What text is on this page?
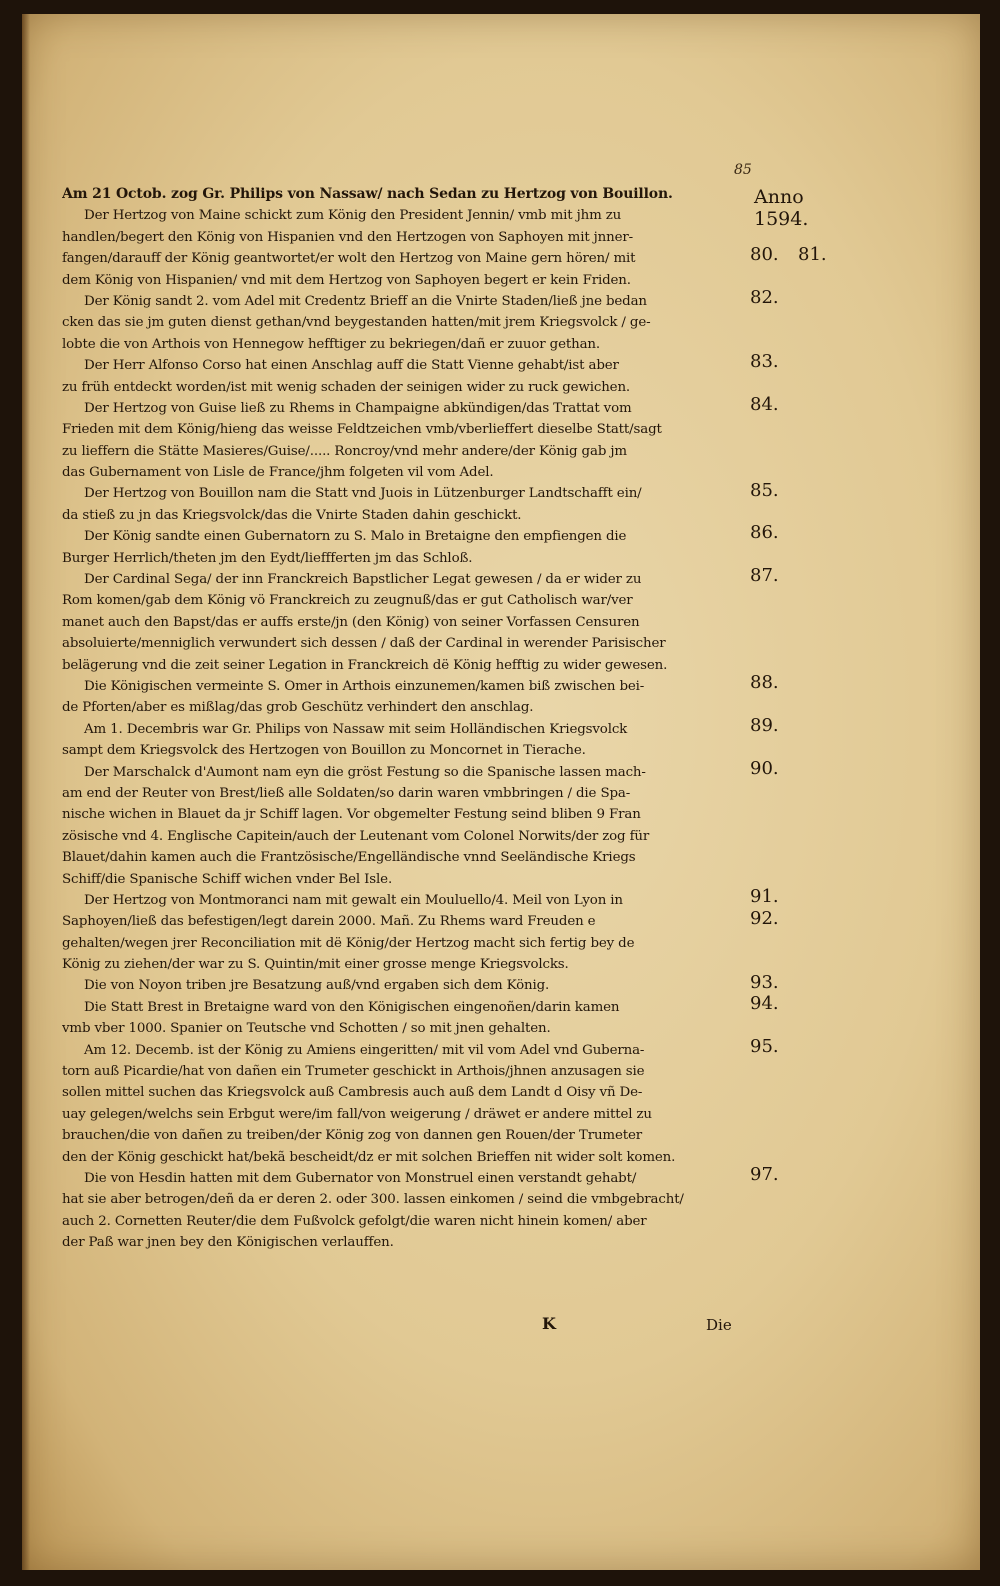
85
Am 21 Octob. zog Gr. Philips von Nassaw/ nach Sedan zu Hertzog von Bouillon.
Der Hertzog von Maine schickt zum König den President Jennin/ vmb mit jhm zu
handlen/begert den König von Hispanien vnd den Hertzogen von Saphoyen mit jnner-
fangen/darauff der König geantwortet/er wolt den Hertzog von Maine gern hören/ mit
dem König von Hispanien/ vnd mit dem Hertzog von Saphoyen begert er kein Friden.
Der König sandt 2. vom Adel mit Credentz Brieff an die Vnirte Staden/ließ jne bedan
cken das sie jm guten dienst gethan/vnd beygestanden hatten/mit jrem Kriegsvolck / ge-
lobte die von Arthois von Hennegow hefftiger zu bekriegen/dañ er zuuor gethan.
Der Herr Alfonso Corso hat einen Anschlag auff die Statt Vienne gehabt/ist aber
zu früh entdeckt worden/ist mit wenig schaden der seinigen wider zu ruck gewichen.
Der Hertzog von Guise ließ zu Rhems in Champaigne abkündigen/das Trattat vom
Frieden mit dem König/hieng das weisse Feldtzeichen vmb/vberlieffert dieselbe Statt/sagt
zu lieffern die Stätte Masieres/Guise/..... Roncroy/vnd mehr andere/der König gab jm
das Gubernament von Lisle de France/jhm folgeten vil vom Adel.
Der Hertzog von Bouillon nam die Statt vnd Juois in Lützenburger Landtschafft ein/
da stieß zu jn das Kriegsvolck/das die Vnirte Staden dahin geschickt.
Der König sandte einen Gubernatorn zu S. Malo in Bretaigne den empfiengen die
Burger Herrlich/theten jm den Eydt/lieffferten jm das Schloß.
Der Cardinal Sega/ der inn Franckreich Bapstlicher Legat gewesen / da er wider zu
Rom komen/gab dem König vö Franckreich zu zeugnuß/das er gut Catholisch war/ver
manet auch den Bapst/das er auffs erste/jn (den König) von seiner Vorfassen Censuren
absoluierte/menniglich verwundert sich dessen / daß der Cardinal in werender Parisischer
belägerung vnd die zeit seiner Legation in Franckreich dë König hefftig zu wider gewesen.
Die Königischen vermeinte S. Omer in Arthois einzunemen/kamen biß zwischen bei-
de Pforten/aber es mißlag/das grob Geschütz verhindert den anschlag.
Am 1. Decembris war Gr. Philips von Nassaw mit seim Holländischen Kriegsvolck
sampt dem Kriegsvolck des Hertzogen von Bouillon zu Moncornet in Tierache.
Der Marschalck d'Aumont nam eyn die gröst Festung so die Spanische lassen mach-
am end der Reuter von Brest/ließ alle Soldaten/so darin waren vmbbringen / die Spa-
nische wichen in Blauet da jr Schiff lagen. Vor obgemelter Festung seind bliben 9 Fran
zösische vnd 4. Englische Capitein/auch der Leutenant vom Colonel Norwits/der zog für
Blauet/dahin kamen auch die Frantzösische/Engelländische vnnd Seeländische Kriegs
Schiff/die Spanische Schiff wichen vnder Bel Isle.
Der Hertzog von Montmoranci nam mit gewalt ein Mouluello/4. Meil von Lyon in
Saphoyen/ließ das befestigen/legt darein 2000. Mañ. Zu Rhems ward Freuden e
gehalten/wegen jrer Reconciliation mit dë König/der Hertzog macht sich fertig bey de
König zu ziehen/der war zu S. Quintin/mit einer grosse menge Kriegsvolcks.
Die von Noyon triben jre Besatzung auß/vnd ergaben sich dem König.
Die Statt Brest in Bretaigne ward von den Königischen eingenoñen/darin kamen
vmb vber 1000. Spanier on Teutsche vnd Schotten / so mit jnen gehalten.
Am 12. Decemb. ist der König zu Amiens eingeritten/ mit vil vom Adel vnd Guberna-
torn auß Picardie/hat von dañen ein Trumeter geschickt in Arthois/jhnen anzusagen sie
sollen mittel suchen das Kriegsvolck auß Cambresis auch auß dem Landt d Oisy vñ De-
uay gelegen/welchs sein Erbgut were/im fall/von weigerung / dräwet er andere mittel zu
brauchen/die von dañen zu treiben/der König zog von dannen gen Rouen/der Trumeter
den der König geschickt hat/bekã bescheidt/dz er mit solchen Brieffen nit wider solt komen.
Die von Hesdin hatten mit dem Gubernator von Monstruel einen verstandt gehabt/
hat sie aber betrogen/deñ da er deren 2. oder 300. lassen einkomen / seind die vmbgebracht/
auch 2. Cornetten Reuter/die dem Fußvolck gefolgt/die waren nicht hinein komen/ aber
der Paß war jnen bey den Königischen verlauffen.
K	Die
Anno 1594.
80. 81.
82.
83.
84.
85.
86.
87.
88.
89.
90.
91.
92.
93.
94.
95.
97.
